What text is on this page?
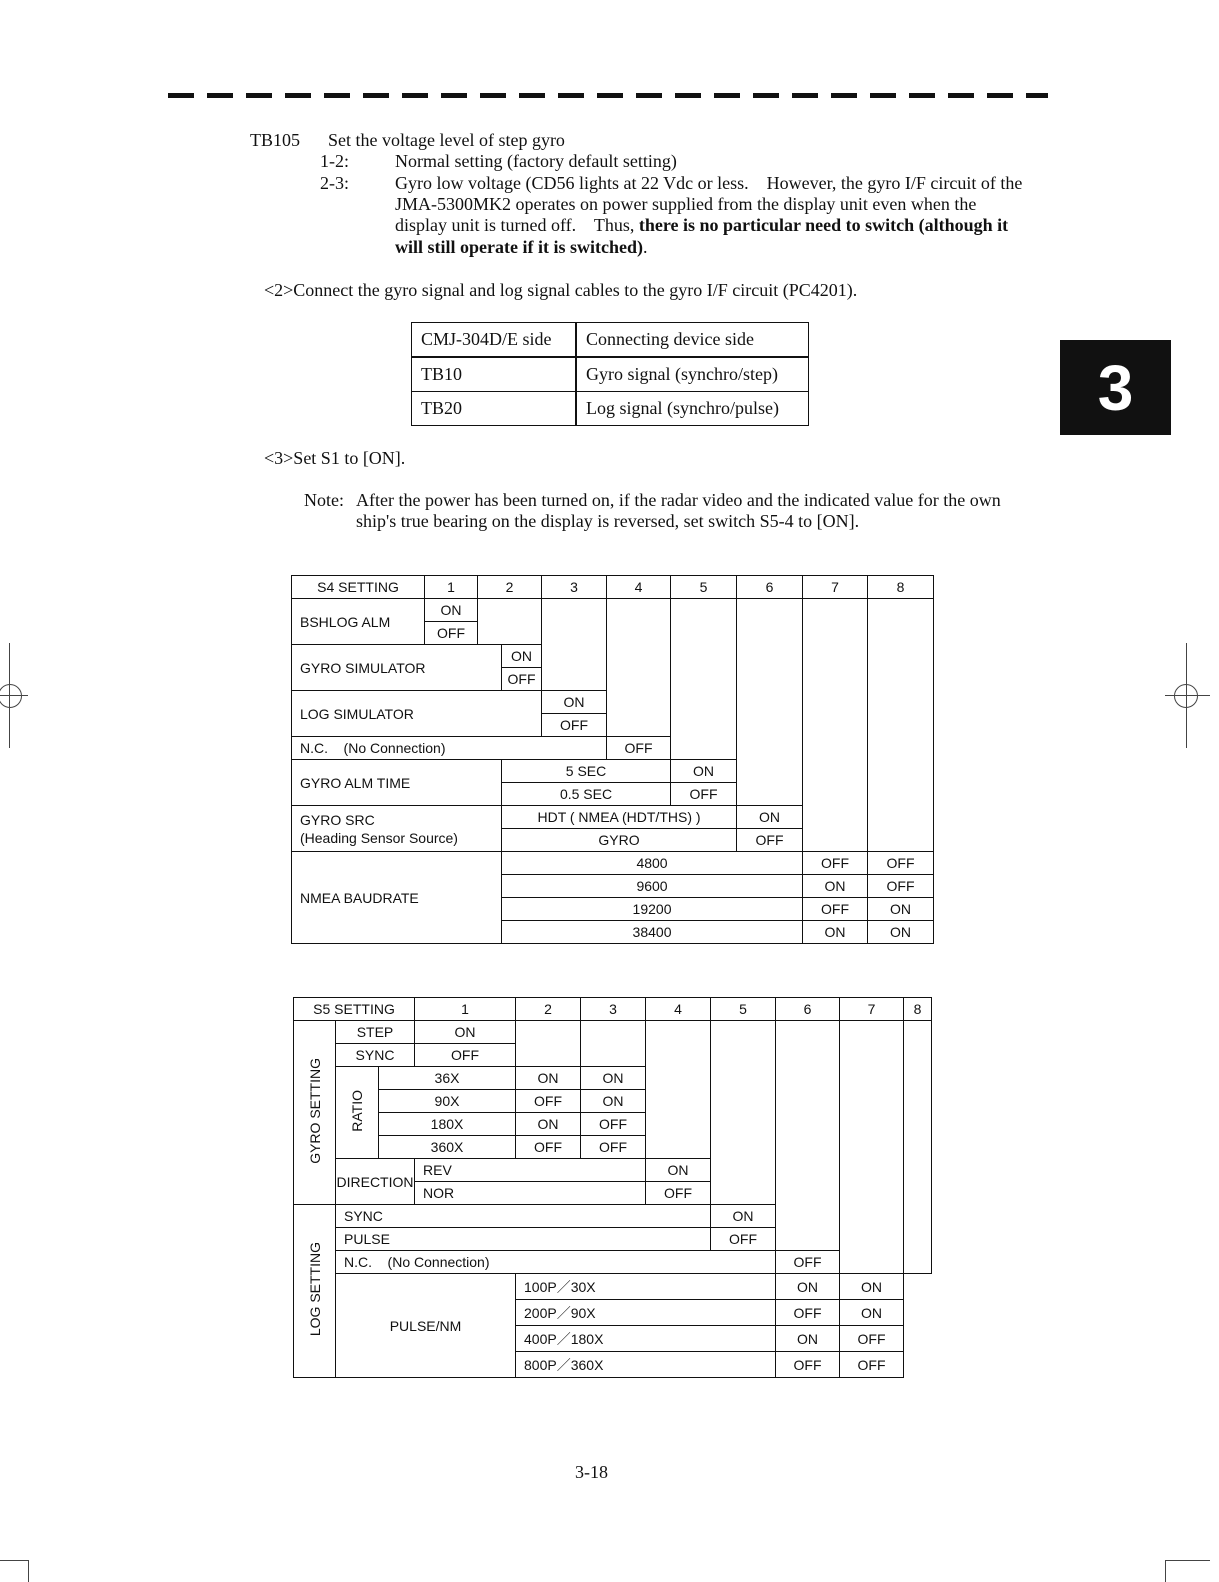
3
TB105 Set the voltage level of step gyro
1-2:	Normal setting (factory default setting)
2-3:	Gyro low voltage (CD56 lights at 22 Vdc or less.    However, the gyro I/F circuit of the
JMA-5300MK2 operates on power supplied from the display unit even when the
display unit is turned off.    Thus, there is no particular need to switch (although it
will still operate if it is switched).
<2>Connect the gyro signal and log signal cables to the gyro I/F circuit (PC4201).
CMJ-304D/E side	Connecting device side
TB10	Gyro signal (synchro/step)
TB20	Log signal (synchro/pulse)
<3>Set S1 to [ON].
Note: After the power has been turned on, if the radar video and the indicated value for the own
ship's true bearing on the display is reversed, set switch S5-4 to [ON].
S4 SETTING	1	2		3	4	5	6	7	8
BSHLOG ALM	ON								
	OFF								
GYRO SIMULATOR			ON						
			OFF						
LOG SIMULATOR				ON					
				OFF					
N.C.    (No Connection)					OFF				
GYRO ALM TIME			5 SEC			ON			
			0.5 SEC			OFF			
GYRO SRC
(Heading Sensor Source)			HDT ( NMEA (HDT/THS) )				ON		
			GYRO				OFF		
NMEA BAUDRATE			4800					OFF	OFF
			9600					ON	OFF
			19200					OFF	ON
			38400					ON	ON
S5 SETTING			1	2	3	4	5	6	7	8
GYRO SETTING	STEP		ON							
	SYNC		OFF							
	RATIO	36X		ON	ON					
		90X		OFF	ON					
		180X		ON	OFF					
		360X		OFF	OFF					
	DIRECTION		REV			ON				
			NOR			OFF				
LOG SETTING	SYNC						ON			
	PULSE						OFF			
	N.C.    (No Connection)							OFF		
	PULSE/NM			100P／30X				ON	ON	
				200P／90X				OFF	ON	
				400P／180X				ON	OFF	
				800P／360X				OFF	OFF	
3-18
